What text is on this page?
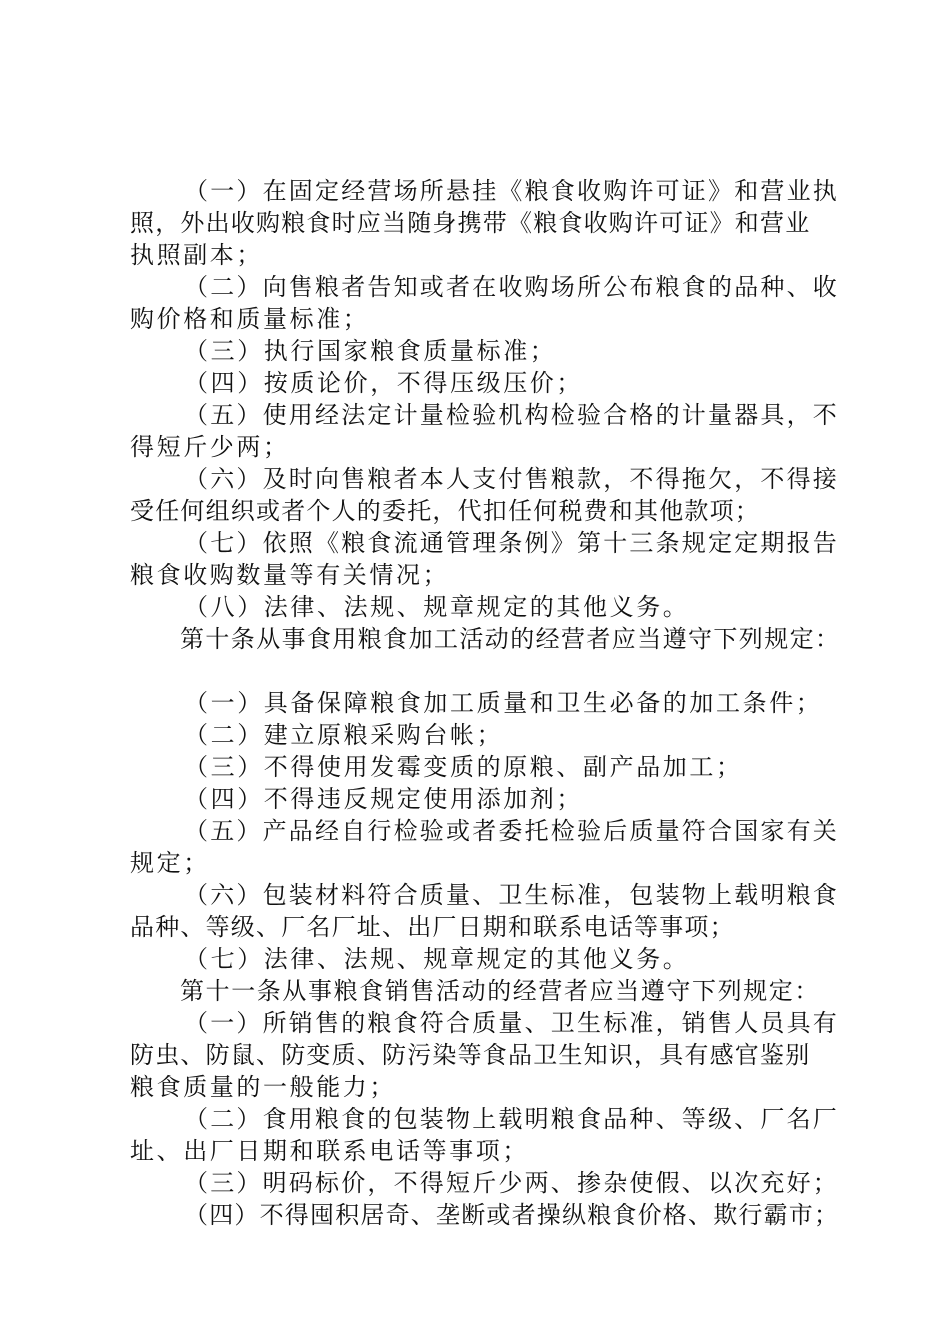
（一）在固定经营场所悬挂《粮食收购许可证》和营业执
照，外出收购粮食时应当随身携带《粮食收购许可证》和营业
执照副本；
（二）向售粮者告知或者在收购场所公布粮食的品种、收
购价格和质量标准；
（三）执行国家粮食质量标准；
（四）按质论价，不得压级压价；
（五）使用经法定计量检验机构检验合格的计量器具，不
得短斤少两；
（六）及时向售粮者本人支付售粮款，不得拖欠，不得接
受任何组织或者个人的委托，代扣任何税费和其他款项；
（七）依照《粮食流通管理条例》第十三条规定定期报告
粮食收购数量等有关情况；
（八）法律、法规、规章规定的其他义务。
第十条从事食用粮食加工活动的经营者应当遵守下列规定：
（一）具备保障粮食加工质量和卫生必备的加工条件；
（二）建立原粮采购台帐；
（三）不得使用发霉变质的原粮、副产品加工；
（四）不得违反规定使用添加剂；
（五）产品经自行检验或者委托检验后质量符合国家有关
规定；
（六）包装材料符合质量、卫生标准，包装物上载明粮食
品种、等级、厂名厂址、出厂日期和联系电话等事项；
（七）法律、法规、规章规定的其他义务。
第十一条从事粮食销售活动的经营者应当遵守下列规定：
（一）所销售的粮食符合质量、卫生标准，销售人员具有
防虫、防鼠、防变质、防污染等食品卫生知识，具有感官鉴别
粮食质量的一般能力；
（二）食用粮食的包装物上载明粮食品种、等级、厂名厂
址、出厂日期和联系电话等事项；
（三）明码标价，不得短斤少两、掺杂使假、以次充好；
（四）不得囤积居奇、垄断或者操纵粮食价格、欺行霸市；
